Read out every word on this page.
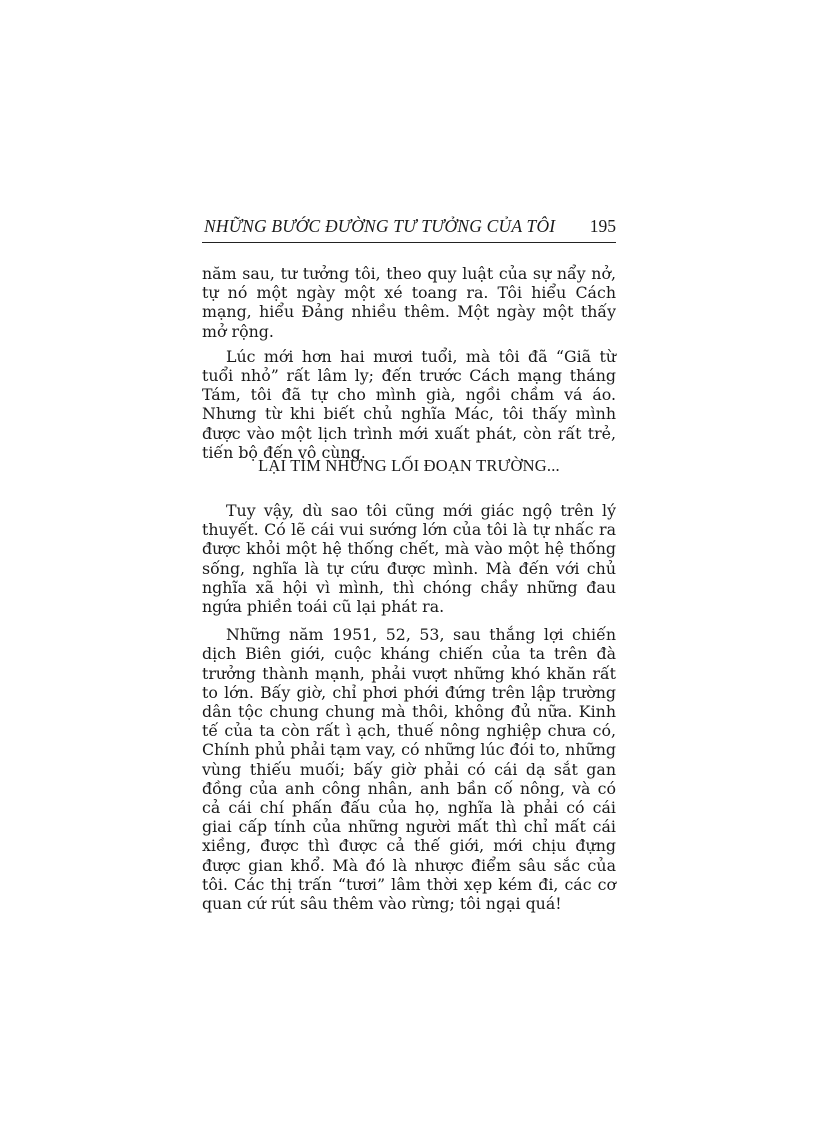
NHỮNG BƯỚC ĐƯỜNG TƯ TƯỞNG CỦA TÔI 195

năm sau, tư tưởng tôi, theo quy luật của sự nẩy nở, tự nó một ngày một xé toang ra. Tôi hiểu Cách mạng, hiểu Đảng nhiều thêm. Một ngày một thấy mở rộng.

Lúc mới hơn hai mươi tuổi, mà tôi đã “Giã từ tuổi nhỏ” rất lâm ly; đến trước Cách mạng tháng Tám, tôi đã tự cho mình già, ngồi chầm vá áo. Nhưng từ khi biết chủ nghĩa Mác, tôi thấy mình được vào một lịch trình mới xuất phát, còn rất trẻ, tiến bộ đến vô cùng.

LẠI TÌM NHỮNG LỐI ĐOẠN TRƯỜNG...

Tuy vậy, dù sao tôi cũng mới giác ngộ trên lý thuyết. Có lẽ cái vui sướng lớn của tôi là tự nhấc ra được khỏi một hệ thống chết, mà vào một hệ thống sống, nghĩa là tự cứu được mình. Mà đến với chủ nghĩa xã hội vì mình, thì chóng chầy những đau ngứa phiền toái cũ lại phát ra.

Những năm 1951, 52, 53, sau thắng lợi chiến dịch Biên giới, cuộc kháng chiến của ta trên đà trưởng thành mạnh, phải vượt những khó khăn rất to lớn. Bấy giờ, chỉ phơi phới đứng trên lập trường dân tộc chung chung mà thôi, không đủ nữa. Kinh tế của ta còn rất ì ạch, thuế nông nghiệp chưa có, Chính phủ phải tạm vay, có những lúc đói to, những vùng thiếu muối; bấy giờ phải có cái dạ sắt gan đồng của anh công nhân, anh bần cố nông, và có cả cái chí phấn đấu của họ, nghĩa là phải có cái giai cấp tính của những người mất thì chỉ mất cái xiềng, được thì được cả thế giới, mới chịu đựng được gian khổ. Mà đó là nhược điểm sâu sắc của tôi. Các thị trấn “tươi” lâm thời xẹp kém đi, các cơ quan cứ rút sâu thêm vào rừng; tôi ngại quá!
